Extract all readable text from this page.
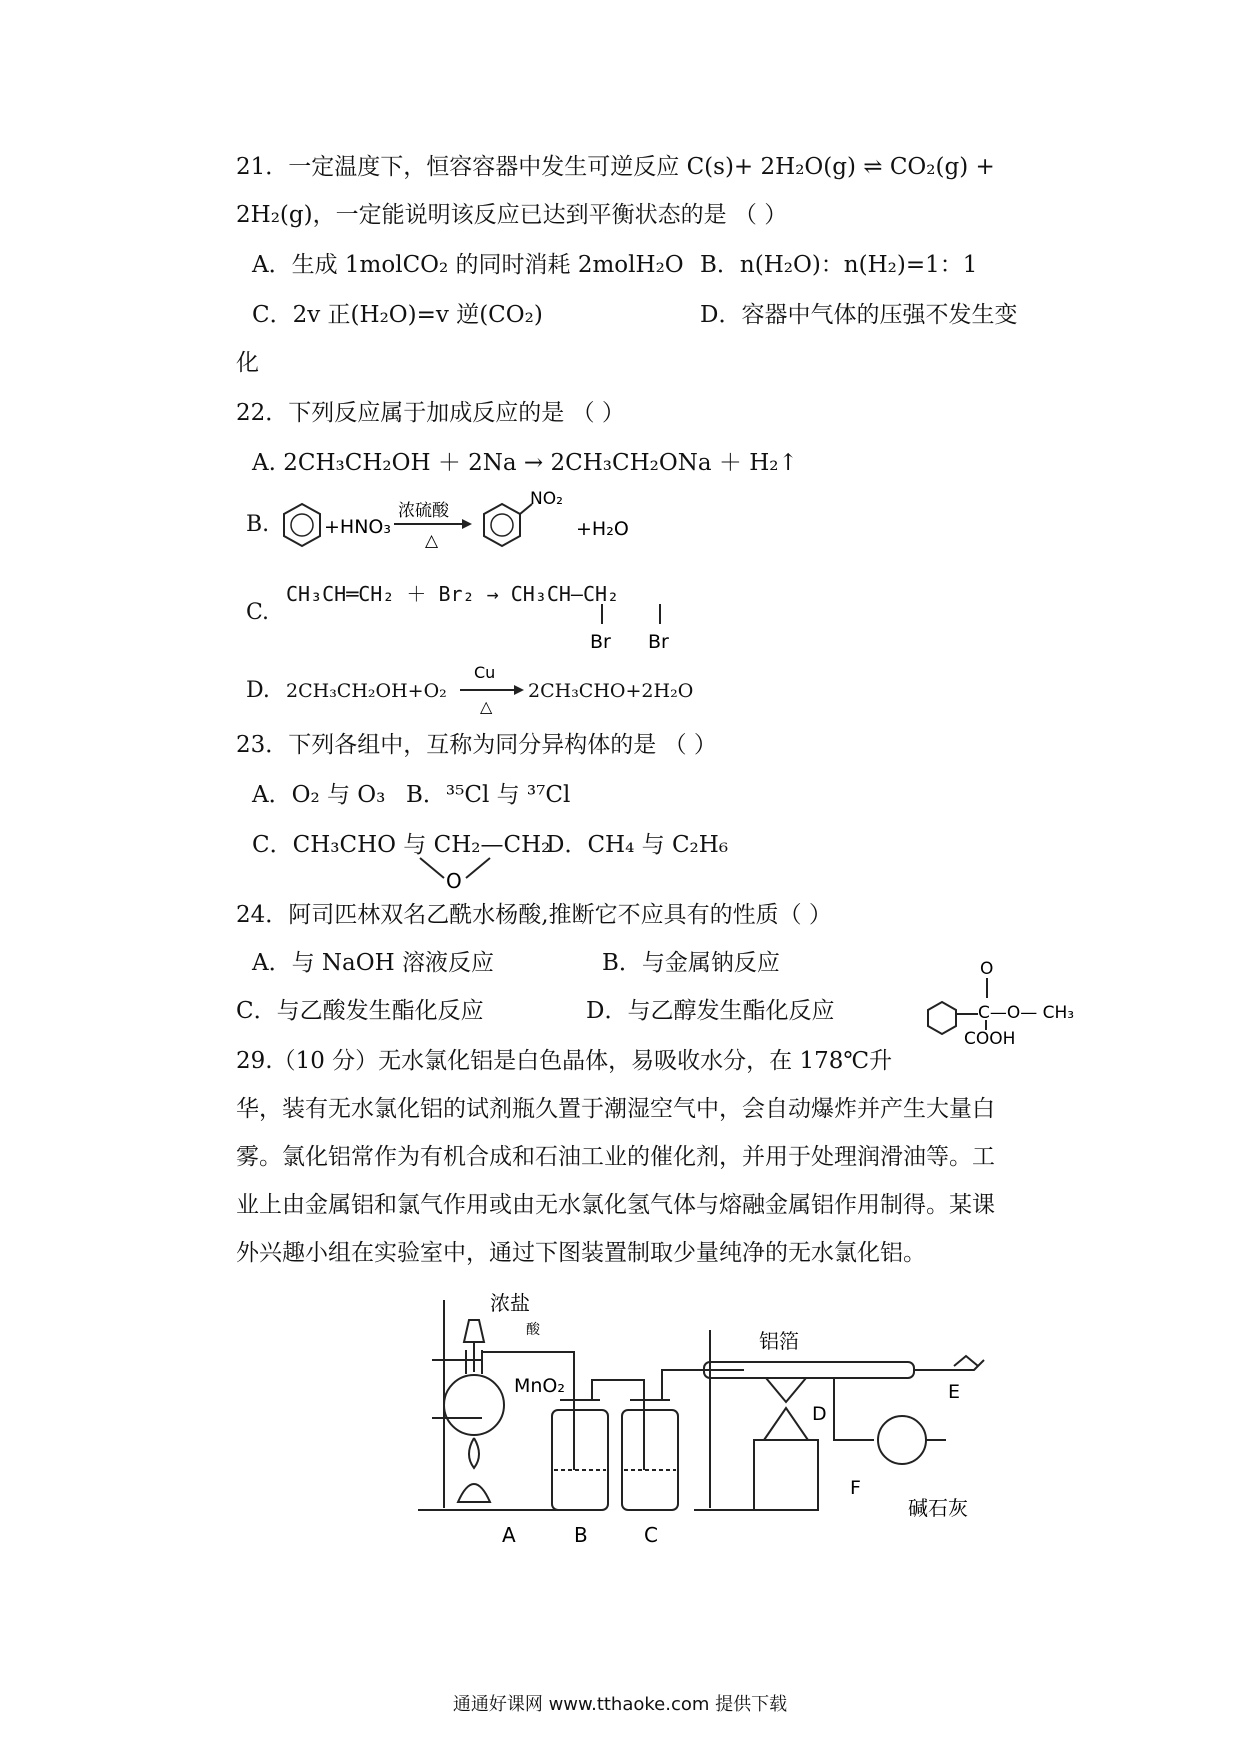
21．一定温度下，恒容容器中发生可逆反应 C(s)+ 2H₂O(g) ⇌ CO₂(g) +
2H₂(g)，一定能说明该反应已达到平衡状态的是 （ ）
A．生成 1molCO₂ 的同时消耗 2molH₂O B．n(H₂O)：n(H₂)=1：1
C．2v 正(H₂O)=v 逆(CO₂)	D．容器中气体的压强不发生变
化
22．下列反应属于加成反应的是 （ ）
A. 2CH₃CH₂OH ＋ 2Na → 2CH₃CH₂ONa ＋ H₂↑
B.	+HNO₃
浓硫酸
△
NO₂
+H₂O
C.
CH₃CH═CH₂ ＋ Br₂ → CH₃CH—CH₂
Br Br
D. 2CH₃CH₂OH+O₂
Cu
△
2CH₃CHO+2H₂O
23．下列各组中，互称为同分异构体的是 （ ）
A．O₂ 与 O₃ B．³⁵Cl 与 ³⁷Cl
C．CH₃CHO 与 CH₂—CH₂
O
D．CH₄ 与 C₂H₆
24．阿司匹林双名乙酰水杨酸,推断它不应具有的性质（ ）
A．与 NaOH 溶液反应	B．与金属钠反应
C．与乙酸发生酯化反应	D．与乙醇发生酯化反应
O
C—O— CH₃
COOH
29.（10 分）无水氯化铝是白色晶体，易吸收水分，在 178℃升
华，装有无水氯化铝的试剂瓶久置于潮湿空气中，会自动爆炸并产生大量白
雾。氯化铝常作为有机合成和石油工业的催化剂，并用于处理润滑油等。工
业上由金属铝和氯气作用或由无水氯化氢气体与熔融金属铝作用制得。某课
外兴趣小组在实验室中，通过下图装置制取少量纯净的无水氯化铝。
浓盐
酸
MnO₂
铝箔
碱石灰
A	B	C
D
E
F
通通好课网 www.tthaoke.com 提供下载
